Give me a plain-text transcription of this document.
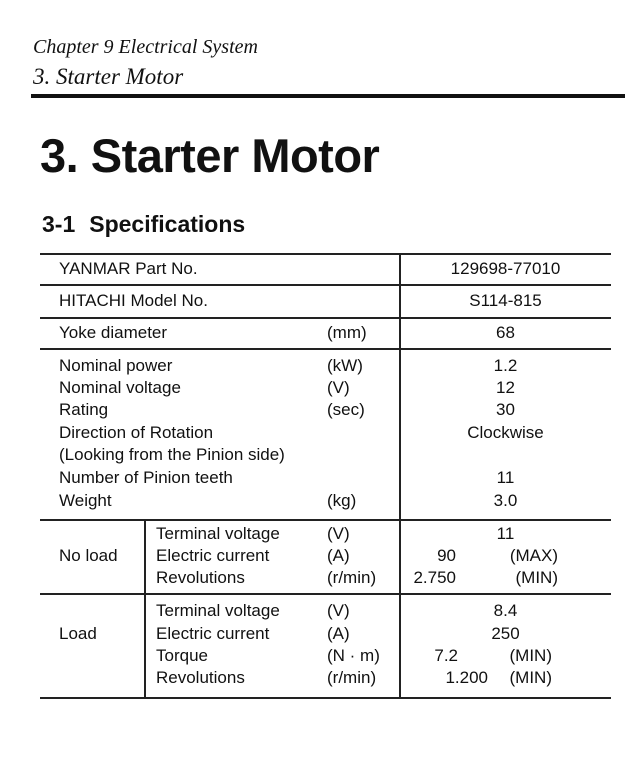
Chapter 9 Electrical System
3. Starter Motor
3. Starter Motor
3-1 Specifications
YANMAR Part No.	129698-77010
HITACHI Model No.	S114-815
Yoke diameter	(mm)	68
Nominal power	(kW)	1.2
Nominal voltage	(V)	12
Rating	(sec)	30
Direction of Rotation	Clockwise
(Looking from the Pinion side)
Number of Pinion teeth	11
Weight	(kg)	3.0
No load
Terminal voltage	(V)	11
Electric current	(A)	90	(MAX)
Revolutions	(r/min)	2.750	(MIN)
Load
Terminal voltage	(V)	8.4
Electric current	(A)	250
Torque	(N · m)	7.2	(MIN)
Revolutions	(r/min)	1.200	(MIN)
